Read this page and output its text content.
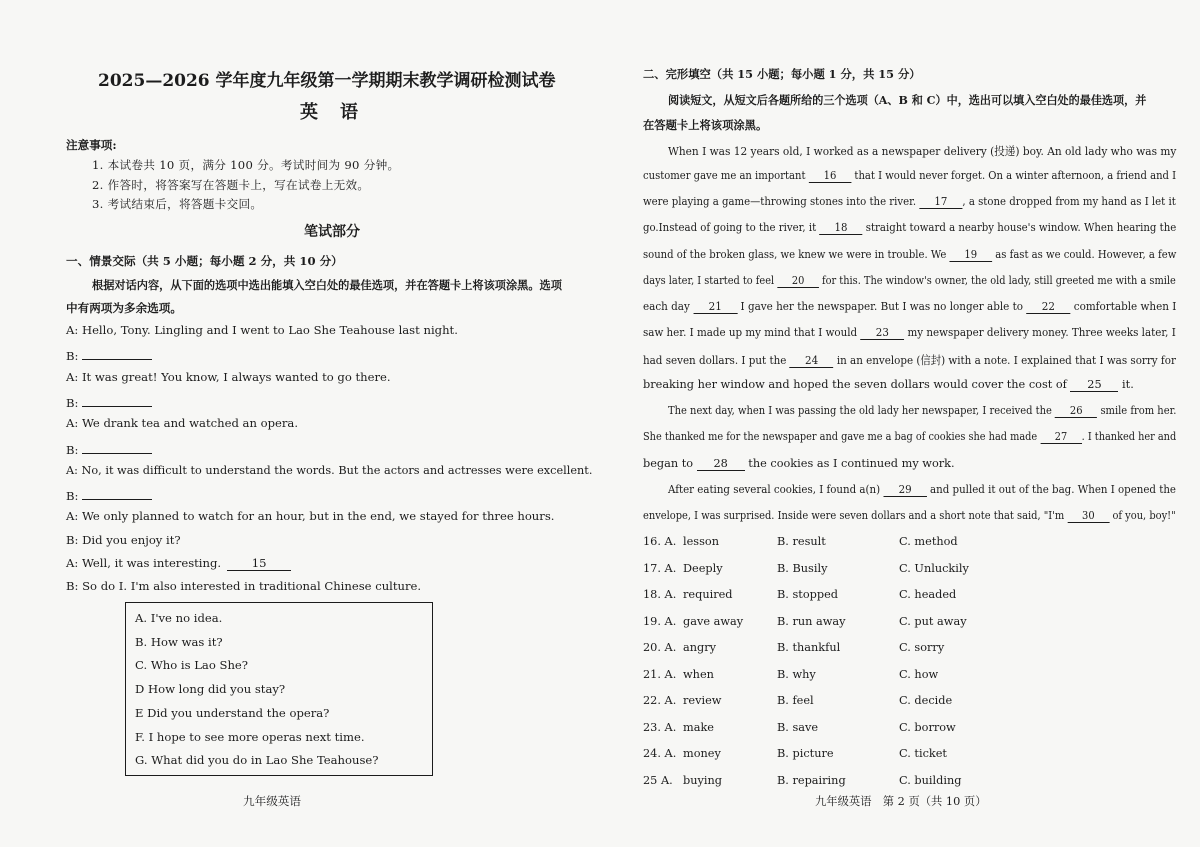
2025—2026 学年度九年级第一学期期末教学调研检测试卷
英　语
注意事项:
1. 本试卷共 10 页，满分 100 分。考试时间为 90 分钟。
2. 作答时，将答案写在答题卡上，写在试卷上无效。
3. 考试结束后，将答题卡交回。
笔试部分
一、情景交际（共 5 小题；每小题 2 分，共 10 分）
根据对话内容，从下面的选项中选出能填入空白处的最佳选项，并在答题卡上将该项涂黑。选项
中有两项为多余选项。
A: Hello, Tony. Lingling and I went to Lao She Teahouse last night.
B:
A: It was great! You know, I always wanted to go there.
B:
A: We drank tea and watched an opera.
B:
A: No, it was difficult to understand the words. But the actors and actresses were excellent.
B:
A: We only planned to watch for an hour, but in the end, we stayed for three hours.
B: Did you enjoy it?
A: Well, it was interesting.	15
B: So do I. I'm also interested in traditional Chinese culture.
A. I've no idea.
B. How was it?
C. Who is Lao She?
D How long did you stay?
E Did you understand the opera?
F. I hope to see more operas next time.
G. What did you do in Lao She Teahouse?
九年级英语
二、完形填空（共 15 小题；每小题 1 分，共 15 分）
阅读短文，从短文后各题所给的三个选项（A、B 和 C）中，选出可以填入空白处的最佳选项，并
在答题卡上将该项涂黑。
When I was 12 years old, I worked as a newspaper delivery (投递) boy. An old lady who was my
customer gave me an important 16 that I would never forget. On a winter afternoon, a friend and I
were playing a game—throwing stones into the river. 17 , a stone dropped from my hand as I let it
go.Instead of going to the river, it 18 straight toward a nearby house's window. When hearing the
sound of the broken glass, we knew we were in trouble. We 19 as fast as we could. However, a few
days later, I started to feel 20 for this. The window's owner, the old lady, still greeted me with a smile
each day 21 I gave her the newspaper. But I was no longer able to 22 comfortable when I
saw her. I made up my mind that I would 23 my newspaper delivery money. Three weeks later, I
had seven dollars. I put the 24 in an envelope (信封) with a note. I explained that I was sorry for
breaking her window and hoped the seven dollars would cover the cost of 25 it.
The next day, when I was passing the old lady her newspaper, I received the 26 smile from her.
She thanked me for the newspaper and gave me a bag of cookies she had made 27 . I thanked her and
began to 28 the cookies as I continued my work.
After eating several cookies, I found a(n) 29 and pulled it out of the bag. When I opened the
envelope, I was surprised. Inside were seven dollars and a short note that said, "I'm 30 of you, boy!"
16. A. lesson	B. result	C. method
17. A. Deeply	B. Busily	C. Unluckily
18. A. required	B. stopped	C. headed
19. A. gave away	B. run away	C. put away
20. A. angry	B. thankful	C. sorry
21. A. when	B. why	C. how
22. A. review	B. feel	C. decide
23. A. make	B. save	C. borrow
24. A. money	B. picture	C. ticket
25 A. buying	B. repairing	C. building
九年级英语　第 2 页（共 10 页）
